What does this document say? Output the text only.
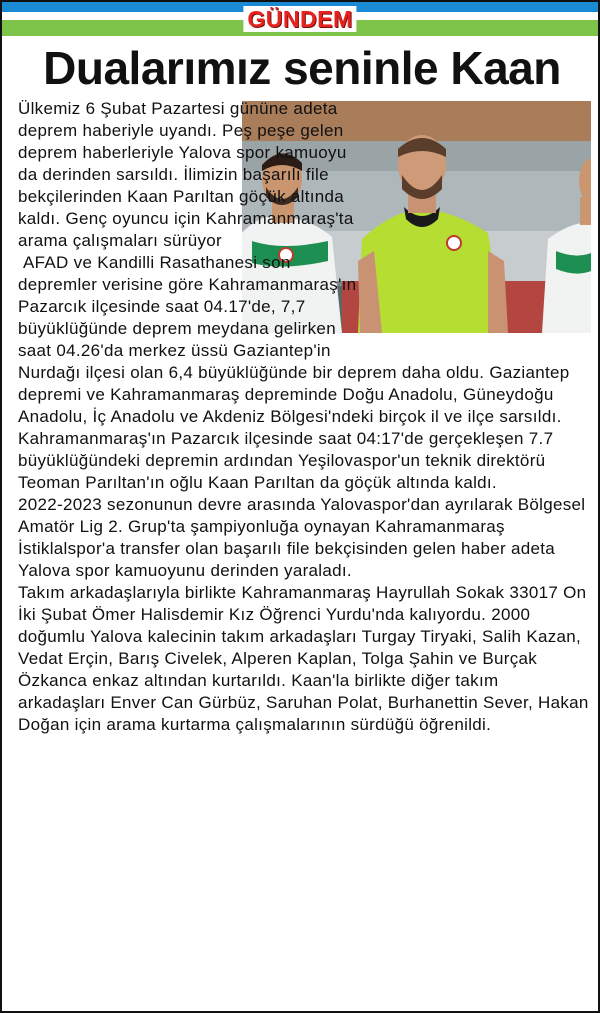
GÜNDEM
Dualarımız seninle Kaan

Ülkemiz 6 Şubat Pazartesi gününe adeta deprem haberiyle uyandı. Peş peşe gelen deprem haberleriyle Yalova spor kamuoyu da derinden sarsıldı. İlimizin başarılı file bekçilerinden Kaan Parıltan göçük altında kaldı. Genç oyuncu için Kahramanmaraş'ta arama çalışmaları sürüyor

AFAD ve Kandilli Rasathanesi son depremler verisine göre Kahramanmaraş'ın Pazarcık ilçesinde saat 04.17'de, 7,7 büyüklüğünde deprem meydana gelirken saat 04.26'da merkez üssü Gaziantep'in Nurdağı ilçesi olan 6,4 büyüklüğünde bir deprem daha oldu. Gaziantep depremi ve Kahramanmaraş depreminde Doğu Anadolu, Güneydoğu Anadolu, İç Anadolu ve Akdeniz Bölgesi'ndeki birçok il ve ilçe sarsıldı.

Kahramanmaraş'ın Pazarcık ilçesinde saat 04:17'de gerçekleşen 7.7 büyüklüğündeki depremin ardından Yeşilovaspor'un teknik direktörü Teoman Parıltan'ın oğlu Kaan Parıltan da göçük altında kaldı.

2022-2023 sezonunun devre arasında Yalovaspor'dan ayrılarak Bölgesel Amatör Lig 2. Grup'ta şampiyonluğa oynayan Kahramanmaraş İstiklalspor'a transfer olan başarılı file bekçisinden gelen haber adeta Yalova spor kamuoyunu derinden yaraladı.

Takım arkadaşlarıyla birlikte Kahramanmaraş Hayrullah Sokak 33017 On İki Şubat Ömer Halisdemir Kız Öğrenci Yurdu'nda kalıyordu. 2000 doğumlu Yalova kalecinin takım arkadaşları Turgay Tiryaki, Salih Kazan, Vedat Erçin, Barış Civelek, Alperen Kaplan, Tolga Şahin ve Burçak Özkanca enkaz altından kurtarıldı. Kaan'la birlikte diğer takım arkadaşları Enver Can Gürbüz, Saruhan Polat, Burhanettin Sever, Hakan Doğan için arama kurtarma çalışmalarının sürdüğü öğrenildi.
